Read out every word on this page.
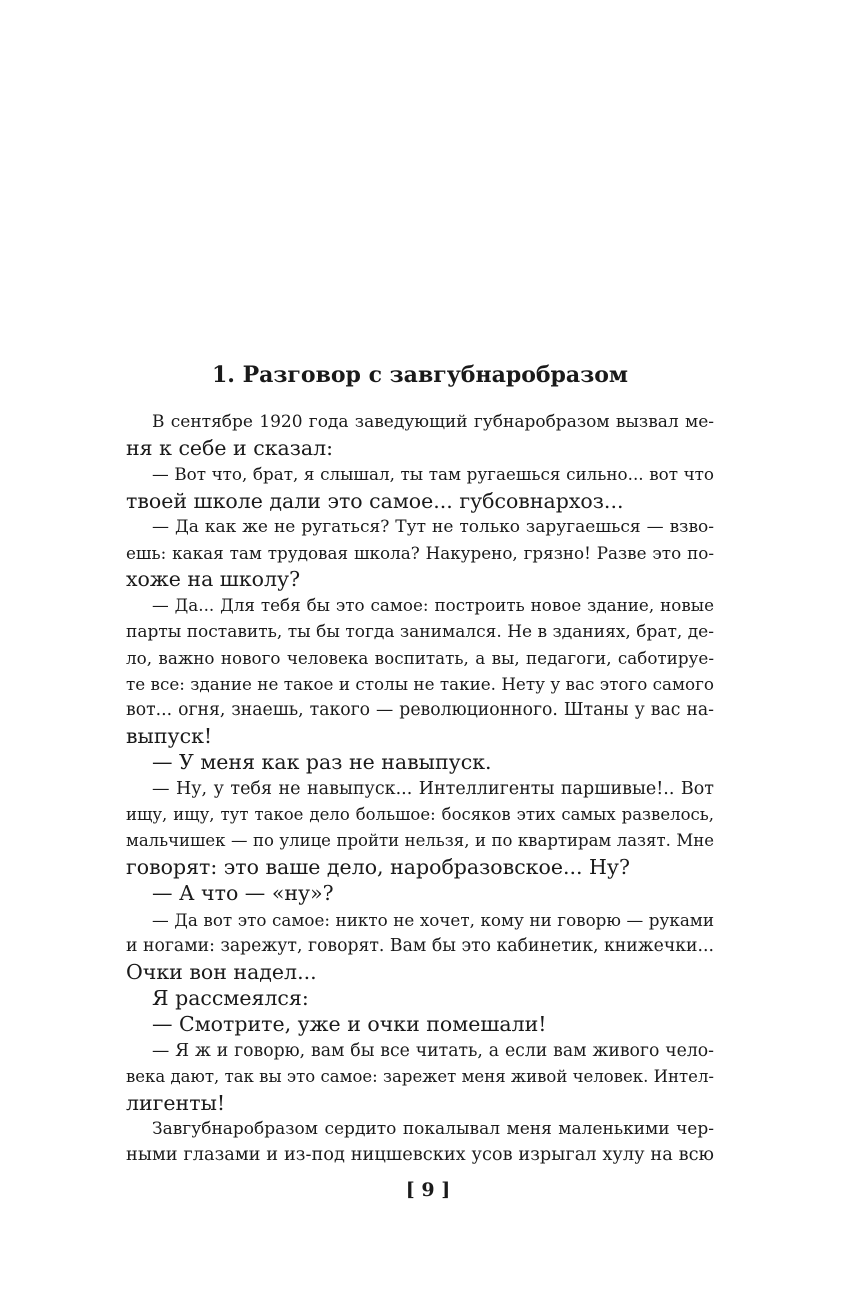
1. Разговор с завгубнаробразом
В сентябре 1920 года заведующий губнаробразом вызвал ме-
ня к себе и сказал:
— Вот что, брат, я слышал, ты там ругаешься сильно... вот что
твоей школе дали это самое... губсовнархоз...
— Да как же не ругаться? Тут не только заругаешься — взво-
ешь: какая там трудовая школа? Накурено, грязно! Разве это по-
хоже на школу?
— Да... Для тебя бы это самое: построить новое здание, новые
парты поставить, ты бы тогда занимался. Не в зданиях, брат, де-
ло, важно нового человека воспитать, а вы, педагоги, саботируе-
те все: здание не такое и столы не такие. Нету у вас этого самого
вот... огня, знаешь, такого — революционного. Штаны у вас на-
выпуск!
— У меня как раз не навыпуск.
— Ну, у тебя не навыпуск... Интеллигенты паршивые!.. Вот
ищу, ищу, тут такое дело большое: босяков этих самых развелось,
мальчишек — по улице пройти нельзя, и по квартирам лазят. Мне
говорят: это ваше дело, наробразовское... Ну?
— А что — «ну»?
— Да вот это самое: никто не хочет, кому ни говорю — руками
и ногами: зарежут, говорят. Вам бы это кабинетик, книжечки...
Очки вон надел...
Я рассмеялся:
— Смотрите, уже и очки помешали!
— Я ж и говорю, вам бы все читать, а если вам живого чело-
века дают, так вы это самое: зарежет меня живой человек. Интел-
лигенты!
Завгубнаробразом сердито покалывал меня маленькими чер-
ными глазами и из-под ницшевских усов изрыгал хулу на всю
[ 9 ]
